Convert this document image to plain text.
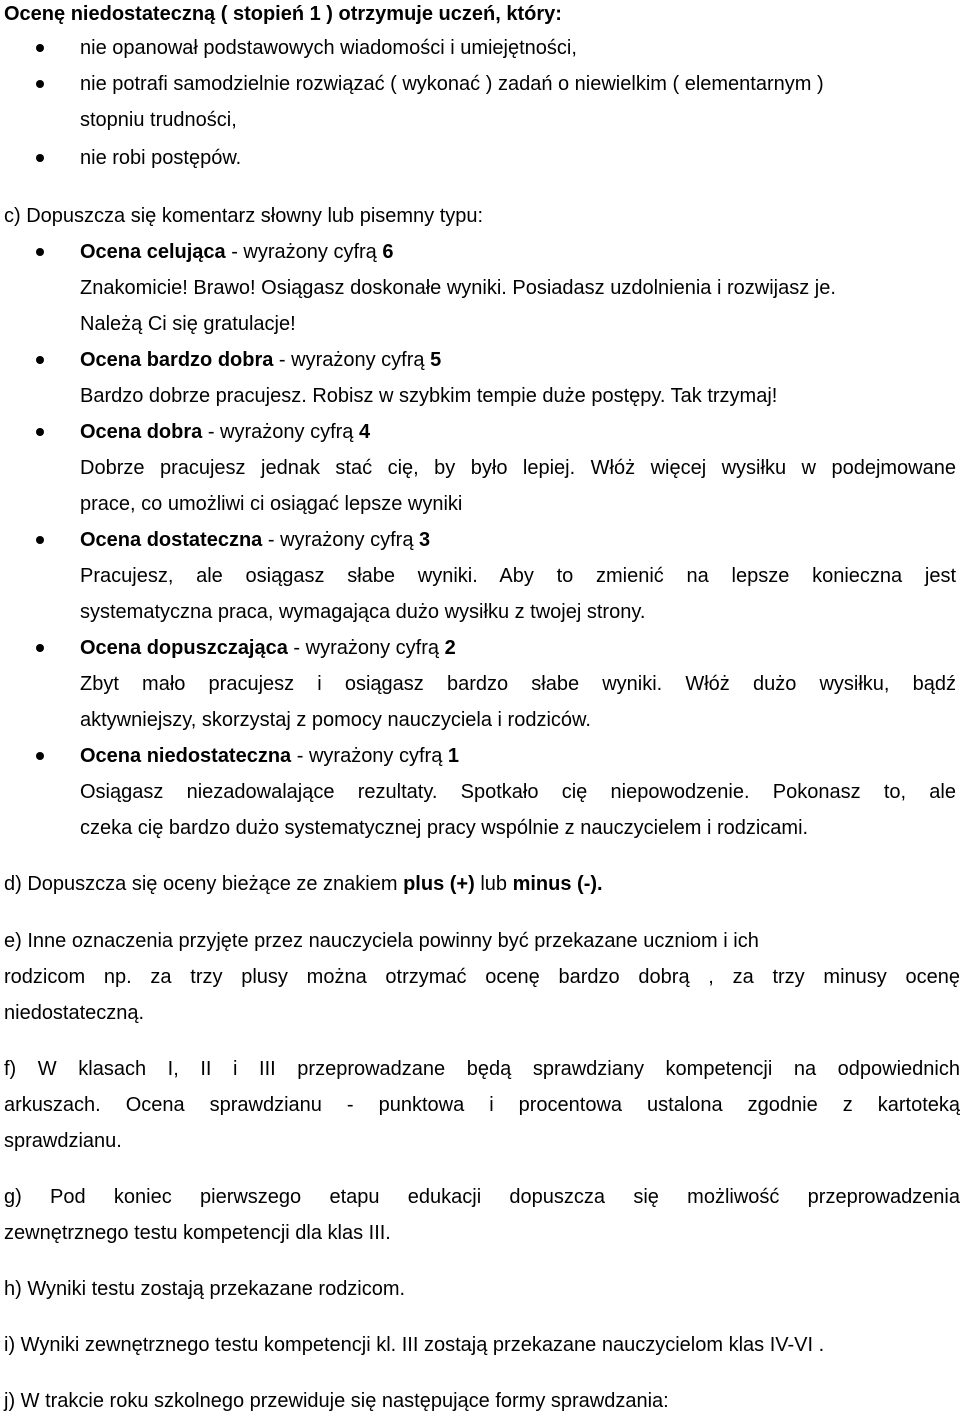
Ocenę niedostateczną ( stopień 1 ) otrzymuje uczeń, który:
nie opanował podstawowych wiadomości i umiejętności,
nie potrafi samodzielnie rozwiązać ( wykonać ) zadań o niewielkim ( elementarnym )
stopniu trudności,
nie robi postępów.
c) Dopuszcza się komentarz słowny lub pisemny typu:
Ocena celująca - wyrażony cyfrą 6
Znakomicie! Brawo! Osiągasz doskonałe wyniki. Posiadasz uzdolnienia i rozwijasz je.
Należą Ci się gratulacje!
Ocena bardzo dobra - wyrażony cyfrą 5
Bardzo dobrze pracujesz. Robisz w szybkim tempie duże postępy. Tak trzymaj!
Ocena dobra - wyrażony cyfrą 4
Dobrze pracujesz jednak stać cię, by było lepiej. Włóż więcej wysiłku w podejmowane
prace, co umożliwi ci osiągać lepsze wyniki
Ocena dostateczna - wyrażony cyfrą 3
Pracujesz, ale osiągasz słabe wyniki. Aby to zmienić na lepsze konieczna jest
systematyczna praca, wymagająca dużo wysiłku z twojej strony.
Ocena dopuszczająca - wyrażony cyfrą 2
Zbyt mało pracujesz i osiągasz bardzo słabe wyniki. Włóż dużo wysiłku, bądź
aktywniejszy, skorzystaj z pomocy nauczyciela i rodziców.
Ocena niedostateczna - wyrażony cyfrą 1
Osiągasz niezadowalające rezultaty. Spotkało cię niepowodzenie. Pokonasz to, ale
czeka cię bardzo dużo systematycznej pracy wspólnie z nauczycielem i rodzicami.
d) Dopuszcza się oceny bieżące ze znakiem plus (+) lub minus (-).
e) Inne oznaczenia przyjęte przez nauczyciela powinny być przekazane uczniom i ich
rodzicom np. za trzy plusy można otrzymać ocenę bardzo dobrą , za trzy minusy ocenę
niedostateczną.
f) W klasach I, II i III przeprowadzane będą sprawdziany kompetencji na odpowiednich
arkuszach. Ocena sprawdzianu - punktowa i procentowa ustalona zgodnie z kartoteką
sprawdzianu.
g) Pod koniec pierwszego etapu edukacji dopuszcza się możliwość przeprowadzenia
zewnętrznego testu kompetencji dla klas III.
h) Wyniki testu zostają przekazane rodzicom.
i) Wyniki zewnętrznego testu kompetencji kl. III zostają przekazane nauczycielom klas IV-VI .
j) W trakcie roku szkolnego przewiduje się następujące formy sprawdzania:
